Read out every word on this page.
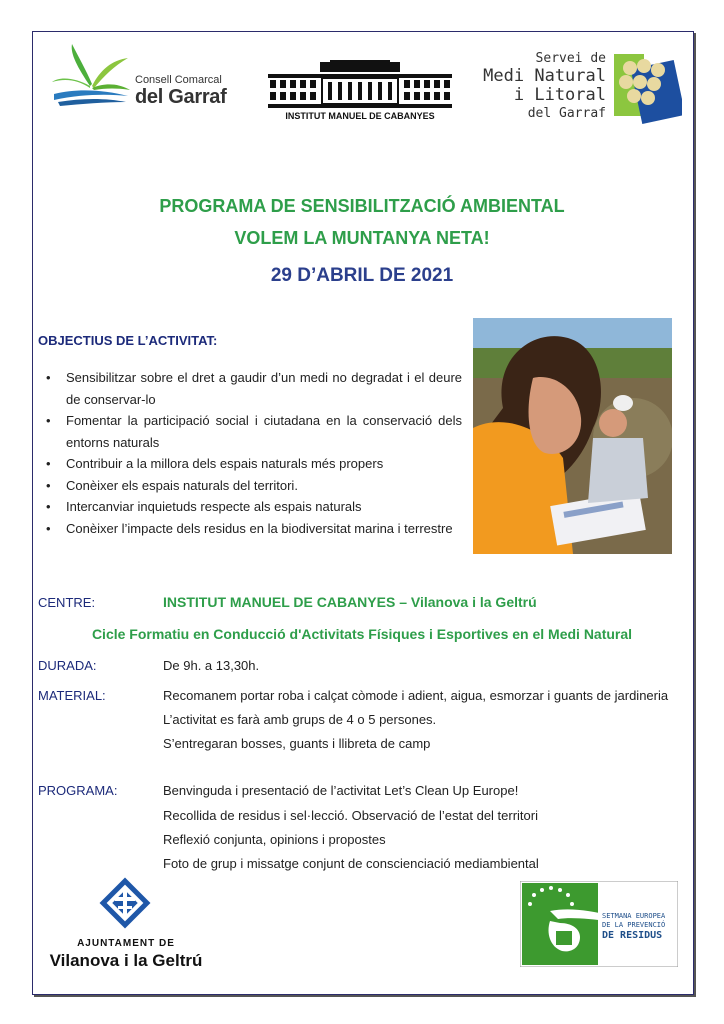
Consell Comarcal
del Garraf
INSTITUT MANUEL DE CABANYES
Servei de
Medi Natural
i Litoral
del Garraf
PROGRAMA DE SENSIBILITZACIÓ AMBIENTAL
VOLEM LA MUNTANYA NETA!
29 D’ABRIL DE 2021
OBJECTIUS DE L’ACTIVITAT:
• Sensibilitzar sobre el dret a gaudir d’un medi no degradat i el deure de conservar-lo
• Fomentar la participació social i ciutadana en la conservació dels entorns naturals
• Contribuir a la millora dels espais naturals més propers
• Conèixer els espais naturals del territori.
• Intercanviar inquietuds respecte als espais naturals
• Conèixer l’impacte dels residus en la biodiversitat marina i terrestre
CENTRE:	INSTITUT MANUEL DE CABANYES – Vilanova i la Geltrú
Cicle Formatiu en Conducció d'Activitats Físiques i Esportives en el Medi Natural
DURADA:	De 9h. a 13,30h.
MATERIAL:	Recomanem portar roba i calçat còmode i adient, aigua, esmorzar i guants de jardineria
L’activitat es farà amb grups de 4 o 5 persones.
S’entregaran bosses, guants i llibreta de camp
PROGRAMA:	Benvinguda i presentació de l’activitat Let’s Clean Up Europe!
Recollida de residus i sel·lecció. Observació de l’estat del territori
Reflexió conjunta, opinions i propostes
Foto de grup i missatge conjunt de conscienciació mediambiental
AJUNTAMENT DE
Vilanova i la Geltrú
SETMANA EUROPEA
DE LA PREVENCIÓ
DE RESIDUS
